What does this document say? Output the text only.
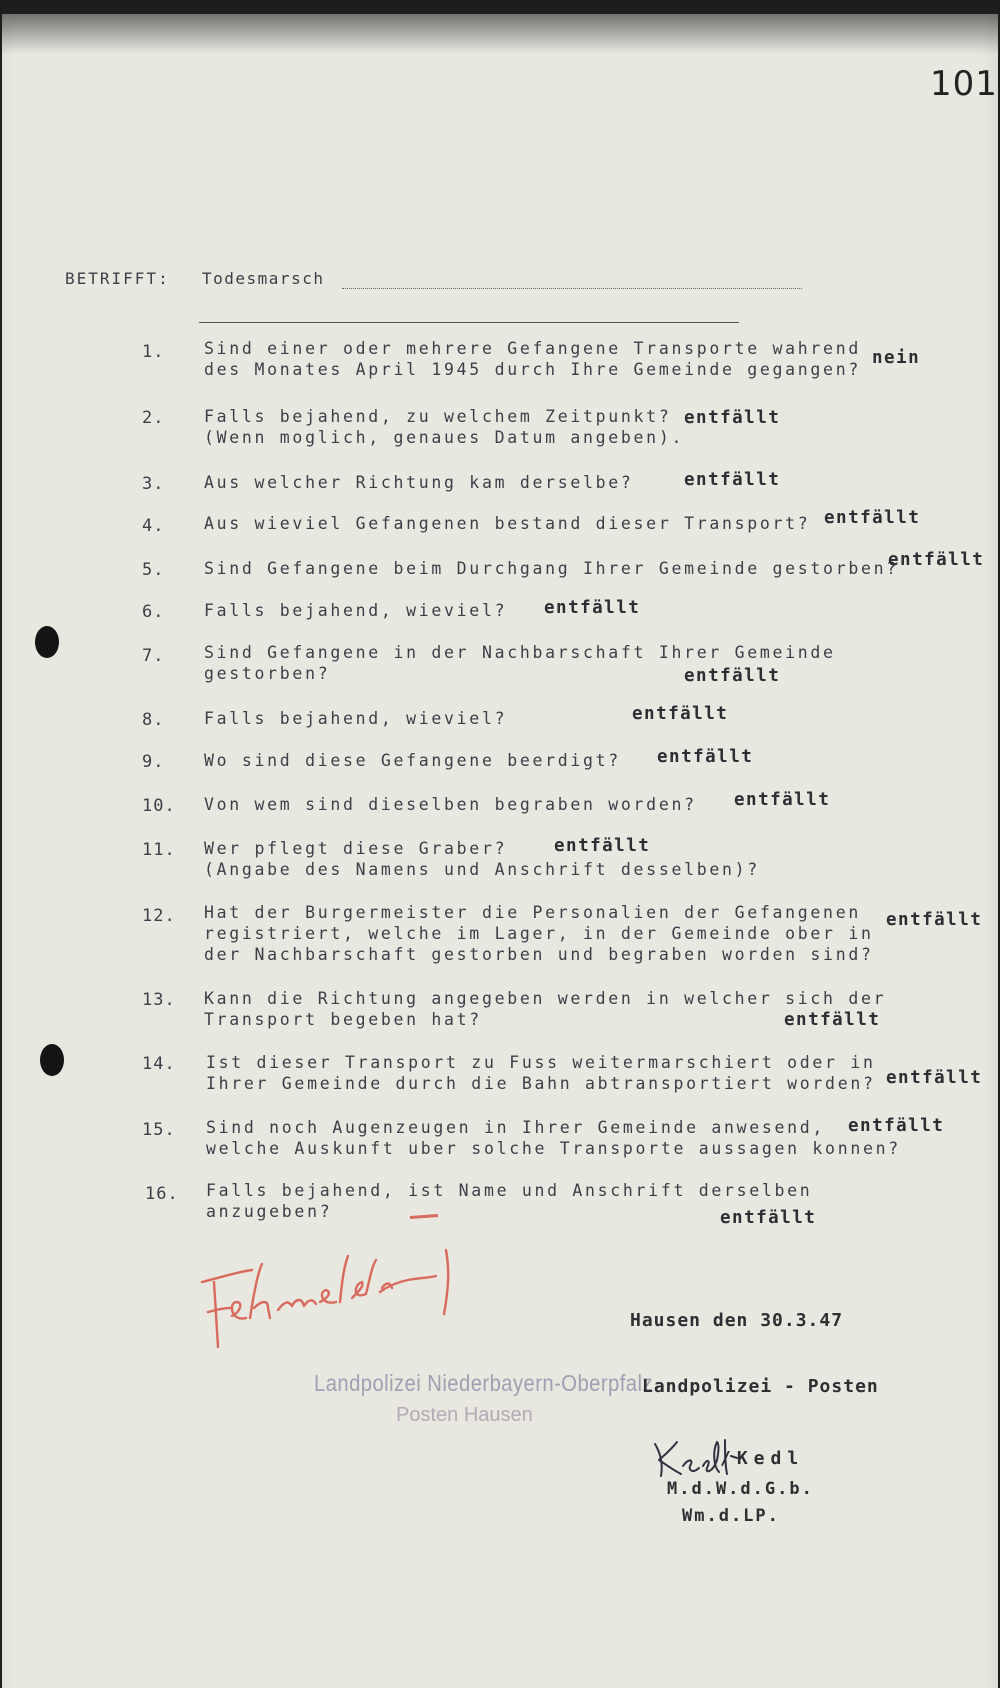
101
BETRIFFT: Todesmarsch
1. Sind einer oder mehrere Gefangene Transporte wahrend
des Monates April 1945 durch Ihre Gemeinde gegangen?
nein
2. Falls bejahend, zu welchem Zeitpunkt?
(Wenn moglich, genaues Datum angeben).
entfällt
3. Aus welcher Richtung kam derselbe?	entfällt
4. Aus wieviel Gefangenen bestand dieser Transport? entfällt
5. Sind Gefangene beim Durchgang Ihrer Gemeinde gestorben?
entfällt
6. Falls bejahend, wieviel? entfällt
7. Sind Gefangene in der Nachbarschaft Ihrer Gemeinde
gestorben?	entfällt
8. Falls bejahend, wieviel?	entfällt
9. Wo sind diese Gefangene beerdigt? entfällt
10. Von wem sind dieselben begraben worden? entfällt
11. Wer pflegt diese Graber?
(Angabe des Namens und Anschrift desselben)?
entfällt
12. Hat der Burgermeister die Personalien der Gefangenen
registriert, welche im Lager, in der Gemeinde ober in
der Nachbarschaft gestorben und begraben worden sind?
entfällt
13. Kann die Richtung angegeben werden in welcher sich der
Transport begeben hat?	entfällt
14. Ist dieser Transport zu Fuss weitermarschiert oder in
Ihrer Gemeinde durch die Bahn abtransportiert worden? entfällt
15. Sind noch Augenzeugen in Ihrer Gemeinde anwesend,
welche Auskunft uber solche Transporte aussagen konnen?
entfällt
16. Falls bejahend, ist Name und Anschrift derselben
anzugeben?	entfällt
Fehlmeldung
Hausen den 30.3.47
Landpolizei Niederbayern-Oberpfalz
Posten Hausen
Landpolizei - Posten
Kedl
/Kedl
M.d.W.d.G.b.
Wm.d.LP.
